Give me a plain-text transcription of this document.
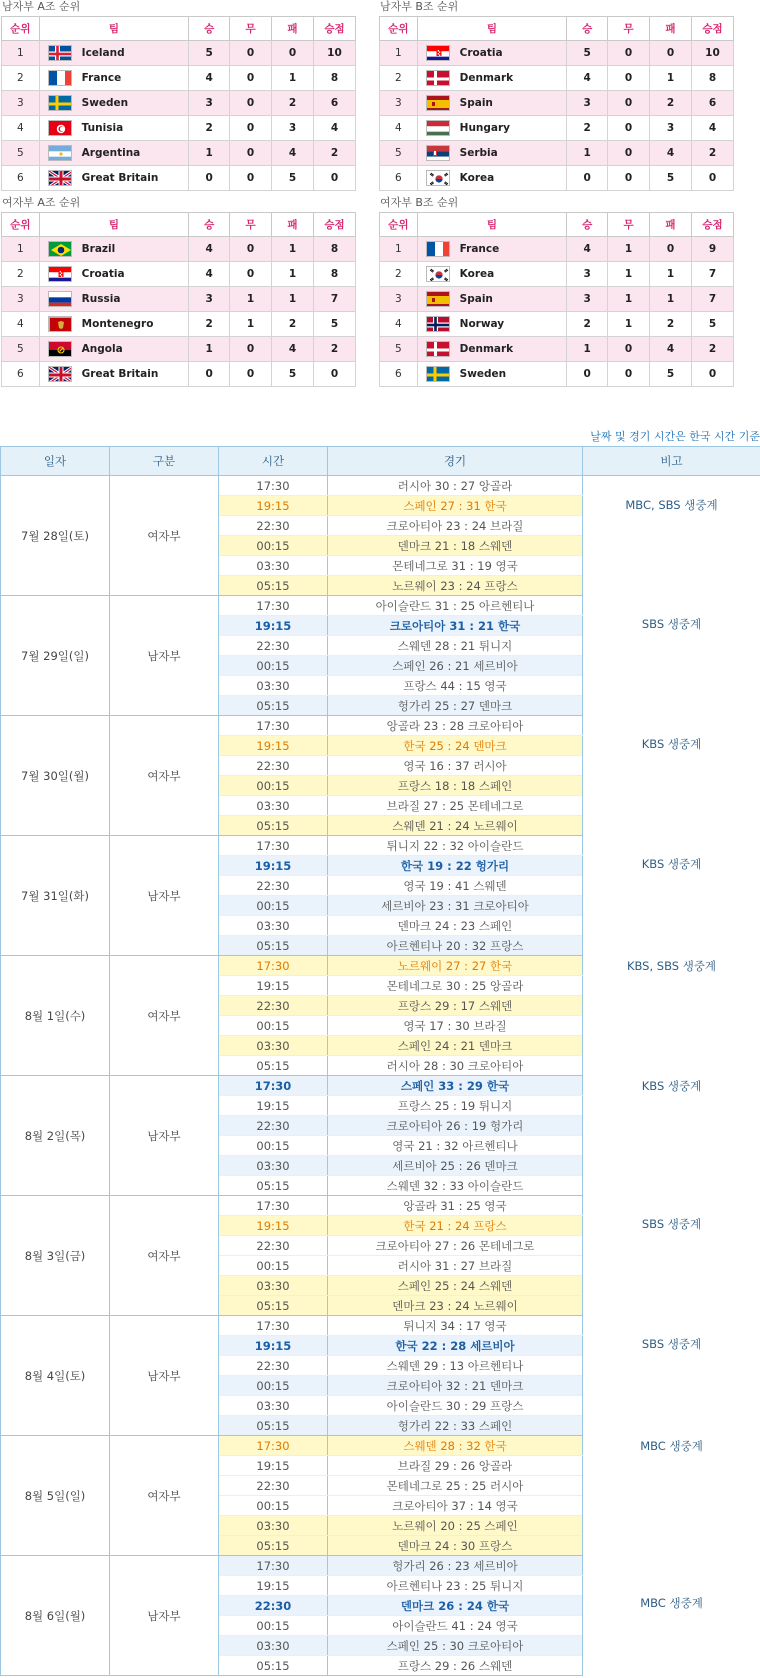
남자부 A조 순위
순위	팀	승	무	패	승점
1	Iceland	5	0	0	10
2	France	4	0	1	8
3	Sweden	3	0	2	6
4	Tunisia	2	0	3	4
5	Argentina	1	0	4	2
6	Great Britain	0	0	5	0
남자부 B조 순위
순위	팀	승	무	패	승점
1	Croatia	5	0	0	10
2	Denmark	4	0	1	8
3	Spain	3	0	2	6
4	Hungary	2	0	3	4
5	Serbia	1	0	4	2
6	Korea	0	0	5	0
여자부 A조 순위
순위	팀	승	무	패	승점
1	Brazil	4	0	1	8
2	Croatia	4	0	1	8
3	Russia	3	1	1	7
4	Montenegro	2	1	2	5
5	Angola	1	0	4	2
6	Great Britain	0	0	5	0
여자부 B조 순위
순위	팀	승	무	패	승점
1	France	4	1	0	9
2	Korea	3	1	1	7
3	Spain	3	1	1	7
4	Norway	2	1	2	5
5	Denmark	1	0	4	2
6	Sweden	0	0	5	0
날짜 및 경기 시간은 한국 시간 기준
일자	구분	시간	경기	비고
7월 28일(토)	여자부	17:30	러시아 30 : 27 앙골라	MBC, SBS 생중계
		19:15	스페인 27 : 31 한국	
		22:30	크로아티아 23 : 24 브라질	
		00:15	덴마크 21 : 18 스웨덴	
		03:30	몬테네그로 31 : 19 영국	
		05:15	노르웨이 23 : 24 프랑스	
7월 29일(일)	남자부	17:30	아이슬란드 31 : 25 아르헨티나	SBS 생중계
		19:15	크로아티아 31 : 21 한국	
		22:30	스웨덴 28 : 21 튀니지	
		00:15	스페인 26 : 21 세르비아	
		03:30	프랑스 44 : 15 영국	
		05:15	헝가리 25 : 27 덴마크	
7월 30일(월)	여자부	17:30	앙골라 23 : 28 크로아티아	KBS 생중계
		19:15	한국 25 : 24 덴마크	
		22:30	영국 16 : 37 러시아	
		00:15	프랑스 18 : 18 스페인	
		03:30	브라질 27 : 25 몬테네그로	
		05:15	스웨덴 21 : 24 노르웨이	
7월 31일(화)	남자부	17:30	튀니지 22 : 32 아이슬란드	KBS 생중계
		19:15	한국 19 : 22 헝가리	
		22:30	영국 19 : 41 스웨덴	
		00:15	세르비아 23 : 31 크로아티아	
		03:30	덴마크 24 : 23 스페인	
		05:15	아르헨티나 20 : 32 프랑스	
8월 1일(수)	여자부	17:30	노르웨이 27 : 27 한국	KBS, SBS 생중계
		19:15	몬테네그로 30 : 25 앙골라	
		22:30	프랑스 29 : 17 스웨덴	
		00:15	영국 17 : 30 브라질	
		03:30	스페인 24 : 21 덴마크	
		05:15	러시아 28 : 30 크로아티아	
8월 2일(목)	남자부	17:30	스페인 33 : 29 한국	KBS 생중계
		19:15	프랑스 25 : 19 튀니지	
		22:30	크로아티아 26 : 19 헝가리	
		00:15	영국 21 : 32 아르헨티나	
		03:30	세르비아 25 : 26 덴마크	
		05:15	스웨덴 32 : 33 아이슬란드	
8월 3일(금)	여자부	17:30	앙골라 31 : 25 영국	SBS 생중계
		19:15	한국 21 : 24 프랑스	
		22:30	크로아티아 27 : 26 몬테네그로	
		00:15	러시아 31 : 27 브라질	
		03:30	스페인 25 : 24 스웨덴	
		05:15	덴마크 23 : 24 노르웨이	
8월 4일(토)	남자부	17:30	튀니지 34 : 17 영국	SBS 생중계
		19:15	한국 22 : 28 세르비아	
		22:30	스웨덴 29 : 13 아르헨티나	
		00:15	크로아티아 32 : 21 덴마크	
		03:30	아이슬란드 30 : 29 프랑스	
		05:15	헝가리 22 : 33 스페인	
8월 5일(일)	여자부	17:30	스웨덴 28 : 32 한국	MBC 생중계
		19:15	브라질 29 : 26 앙골라	
		22:30	몬테네그로 25 : 25 러시아	
		00:15	크로아티아 37 : 14 영국	
		03:30	노르웨이 20 : 25 스페인	
		05:15	덴마크 24 : 30 프랑스	
8월 6일(월)	남자부	17:30	헝가리 26 : 23 세르비아	MBC 생중계
		19:15	아르헨티나 23 : 25 튀니지	
		22:30	덴마크 26 : 24 한국	
		00:15	아이슬란드 41 : 24 영국	
		03:30	스페인 25 : 30 크로아티아	
		05:15	프랑스 29 : 26 스웨덴	
